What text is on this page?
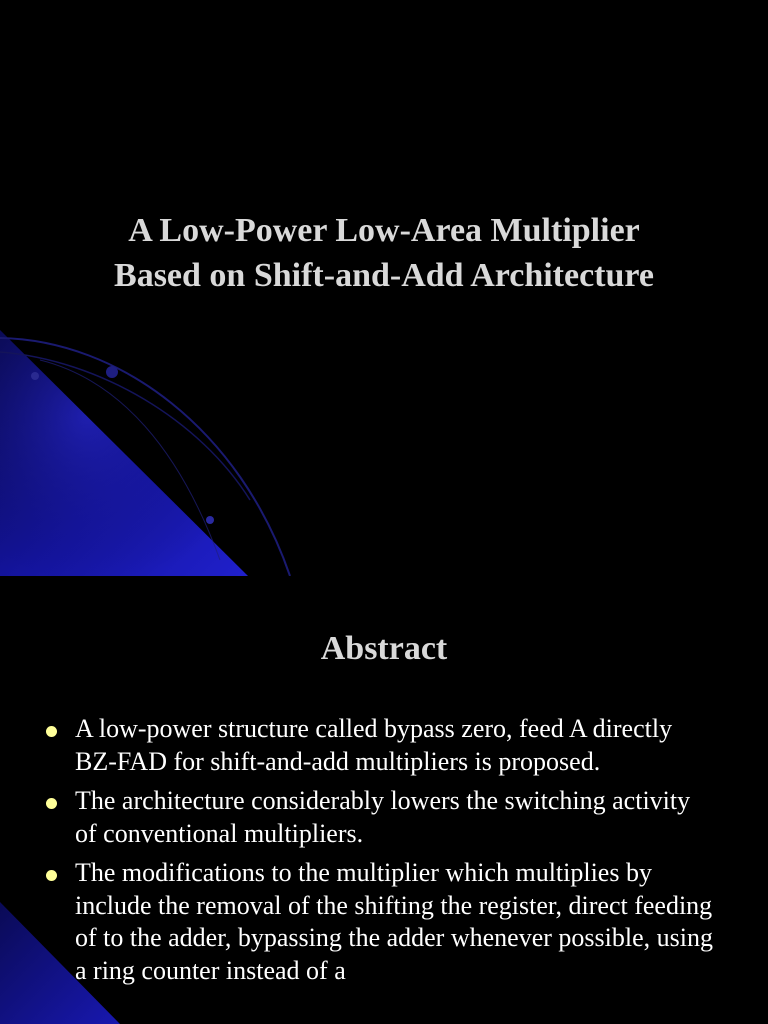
A Low-Power Low-Area Multiplier
Based on Shift-and-Add Architecture
Abstract
A low-power structure called bypass zero, feed A directly BZ-FAD for shift-and-add multipliers is proposed.
The architecture considerably lowers the switching activity of conventional multipliers.
The modifications to the multiplier which multiplies by include the removal of the shifting the register, direct feeding of to the adder, bypassing the adder whenever possible, using a ring counter instead of a
